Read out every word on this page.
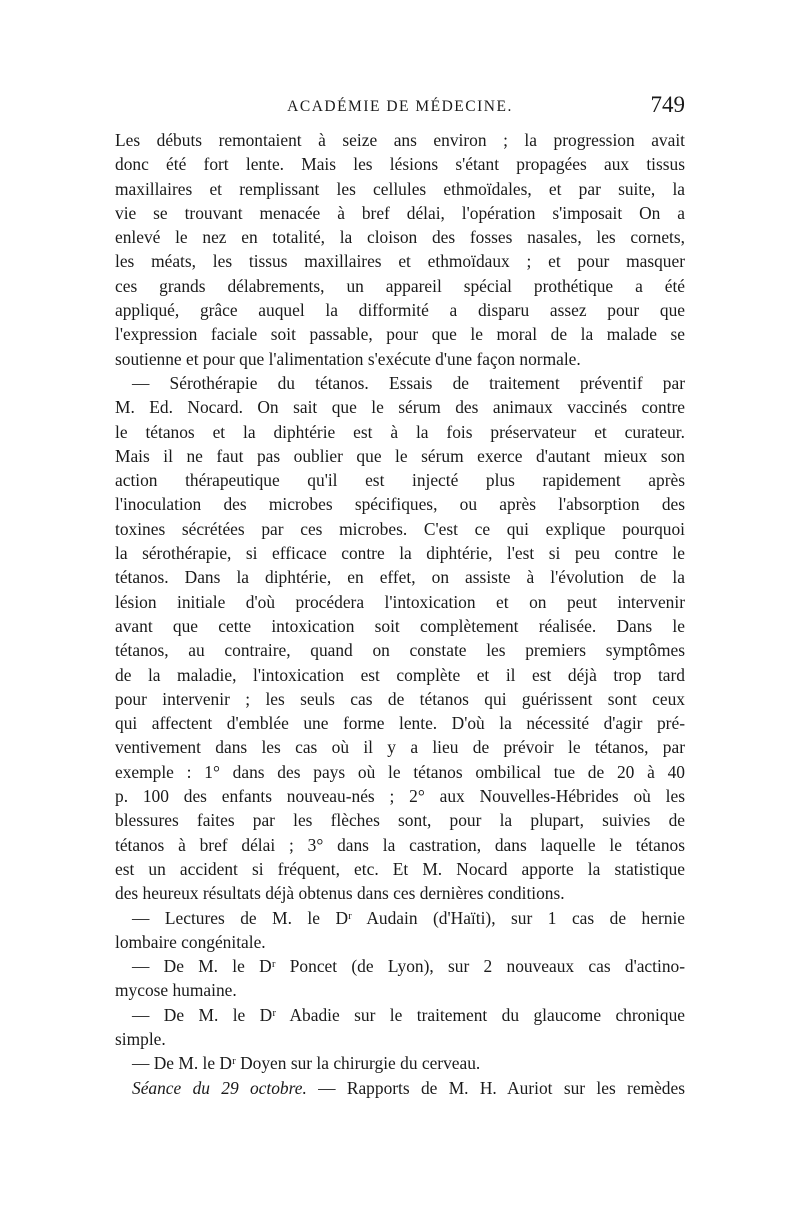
ACADÉMIE DE MÉDECINE.	749

Les débuts remontaient à seize ans environ ; la progression avait

donc été fort lente. Mais les lésions s'étant propagées aux tissus

maxillaires et remplissant les cellules ethmoïdales, et par suite, la

vie se trouvant menacée à bref délai, l'opération s'imposait On a

enlevé le nez en totalité, la cloison des fosses nasales, les cornets,

les méats, les tissus maxillaires et ethmoïdaux ; et pour masquer

ces grands délabrements, un appareil spécial prothétique a été

appliqué, grâce auquel la difformité a disparu assez pour que

l'expression faciale soit passable, pour que le moral de la malade se

soutienne et pour que l'alimentation s'exécute d'une façon normale.

— Sérothérapie du tétanos. Essais de traitement préventif par

M. Ed. Nocard. On sait que le sérum des animaux vaccinés contre

le tétanos et la diphtérie est à la fois préservateur et curateur.

Mais il ne faut pas oublier que le sérum exerce d'autant mieux son

action thérapeutique qu'il est injecté plus rapidement après

l'inoculation des microbes spécifiques, ou après l'absorption des

toxines sécrétées par ces microbes. C'est ce qui explique pourquoi

la sérothérapie, si efficace contre la diphtérie, l'est si peu contre le

tétanos. Dans la diphtérie, en effet, on assiste à l'évolution de la

lésion initiale d'où procédera l'intoxication et on peut intervenir

avant que cette intoxication soit complètement réalisée. Dans le

tétanos, au contraire, quand on constate les premiers symptômes

de la maladie, l'intoxication est complète et il est déjà trop tard

pour intervenir ; les seuls cas de tétanos qui guérissent sont ceux

qui affectent d'emblée une forme lente. D'où la nécessité d'agir pré-

ventivement dans les cas où il y a lieu de prévoir le tétanos, par

exemple : 1° dans des pays où le tétanos ombilical tue de 20 à 40

p. 100 des enfants nouveau-nés ; 2° aux Nouvelles-Hébrides où les

blessures faites par les flèches sont, pour la plupart, suivies de

tétanos à bref délai ; 3° dans la castration, dans laquelle le tétanos

est un accident si fréquent, etc. Et M. Nocard apporte la statistique

des heureux résultats déjà obtenus dans ces dernières conditions.

— Lectures de M. le Dʳ Audain (d'Haïti), sur 1 cas de hernie

lombaire congénitale.

— De M. le Dʳ Poncet (de Lyon), sur 2 nouveaux cas d'actino-

mycose humaine.

— De M. le Dʳ Abadie sur le traitement du glaucome chronique

simple.

— De M. le Dʳ Doyen sur la chirurgie du cerveau.

Séance du 29 octobre. — Rapports de M. H. Auriot sur les remèdes
